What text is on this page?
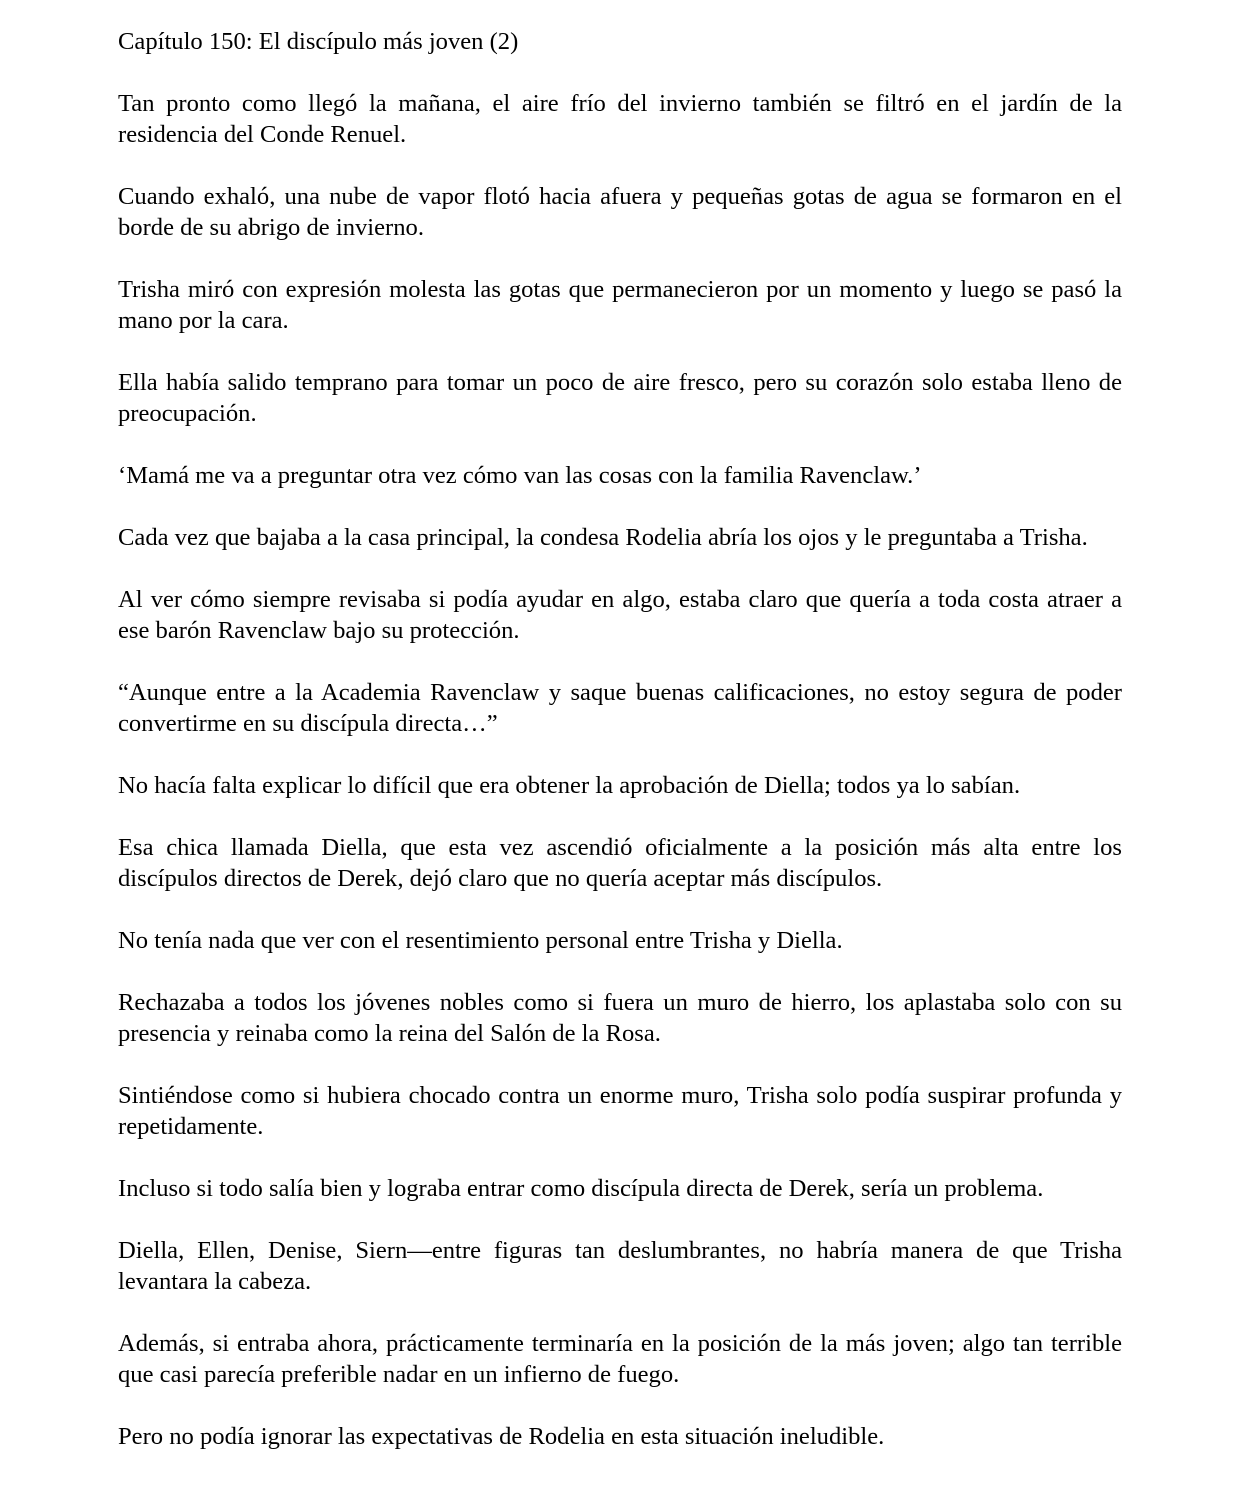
Capítulo 150: El discípulo más joven (2)

Tan pronto como llegó la mañana, el aire frío del invierno también se filtró en el jardín de la residencia del Conde Renuel.

Cuando exhaló, una nube de vapor flotó hacia afuera y pequeñas gotas de agua se formaron en el borde de su abrigo de invierno.

Trisha miró con expresión molesta las gotas que permanecieron por un momento y luego se pasó la mano por la cara.

Ella había salido temprano para tomar un poco de aire fresco, pero su corazón solo estaba lleno de preocupación.

‘Mamá me va a preguntar otra vez cómo van las cosas con la familia Ravenclaw.’

Cada vez que bajaba a la casa principal, la condesa Rodelia abría los ojos y le preguntaba a Trisha.

Al ver cómo siempre revisaba si podía ayudar en algo, estaba claro que quería a toda costa atraer a ese barón Ravenclaw bajo su protección.

“Aunque entre a la Academia Ravenclaw y saque buenas calificaciones, no estoy segura de poder convertirme en su discípula directa…”

No hacía falta explicar lo difícil que era obtener la aprobación de Diella; todos ya lo sabían.

Esa chica llamada Diella, que esta vez ascendió oficialmente a la posición más alta entre los discípulos directos de Derek, dejó claro que no quería aceptar más discípulos.

No tenía nada que ver con el resentimiento personal entre Trisha y Diella.

Rechazaba a todos los jóvenes nobles como si fuera un muro de hierro, los aplastaba solo con su presencia y reinaba como la reina del Salón de la Rosa.

Sintiéndose como si hubiera chocado contra un enorme muro, Trisha solo podía suspirar profunda y repetidamente.

Incluso si todo salía bien y lograba entrar como discípula directa de Derek, sería un problema.

Diella, Ellen, Denise, Siern—entre figuras tan deslumbrantes, no habría manera de que Trisha levantara la cabeza.

Además, si entraba ahora, prácticamente terminaría en la posición de la más joven; algo tan terrible que casi parecía preferible nadar en un infierno de fuego.

Pero no podía ignorar las expectativas de Rodelia en esta situación ineludible.
